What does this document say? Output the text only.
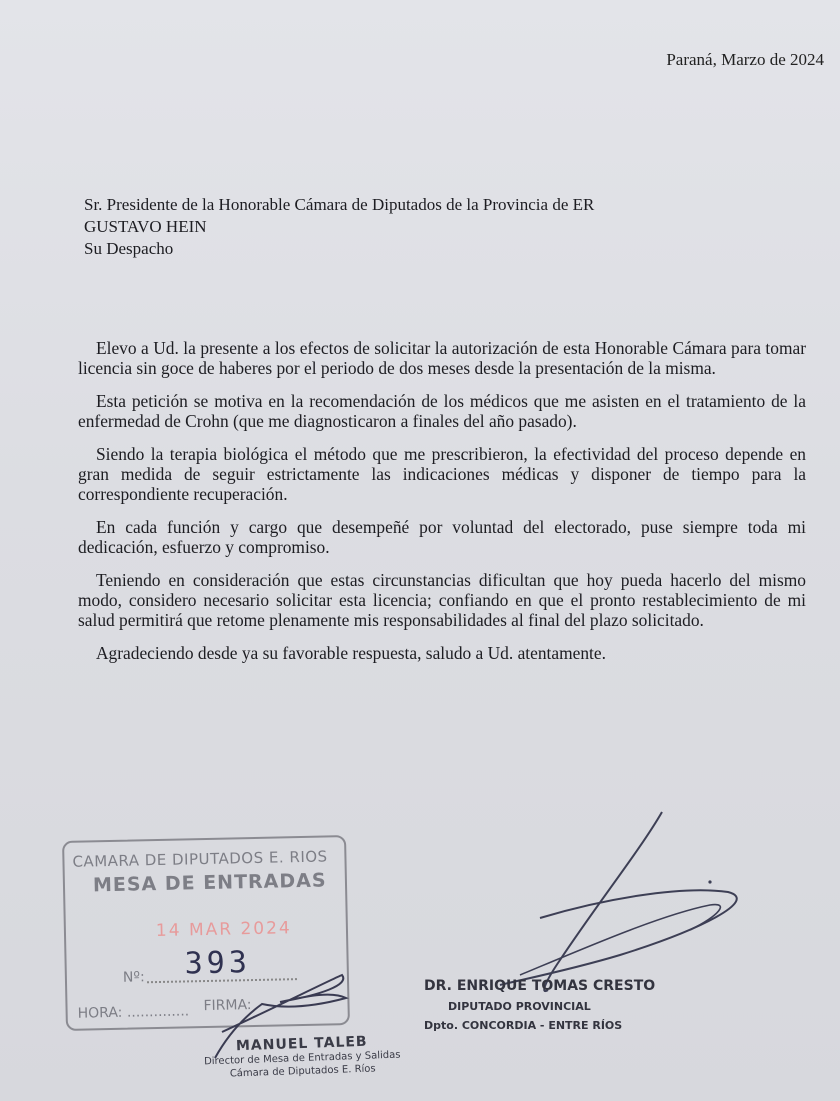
Paraná, Marzo de 2024
Sr. Presidente de la Honorable Cámara de Diputados de la Provincia de ER
GUSTAVO HEIN
Su Despacho

Elevo a Ud. la presente a los efectos de solicitar la autorización de esta Honorable Cámara para tomar licencia sin goce de haberes por el periodo de dos meses desde la presentación de la misma.

Esta petición se motiva en la recomendación de los médicos que me asisten en el tratamiento de la enfermedad de Crohn (que me diagnosticaron a finales del año pasado).

Siendo la terapia biológica el método que me prescribieron, la efectividad del proceso depende en gran medida de seguir estrictamente las indicaciones médicas y disponer de tiempo para la correspondiente recuperación.

En cada función y cargo que desempeñé por voluntad del electorado, puse siempre toda mi dedicación, esfuerzo y compromiso.

Teniendo en consideración que estas circunstancias dificultan que hoy pueda hacerlo del mismo modo, considero necesario solicitar esta licencia; confiando en que el pronto restablecimiento de mi salud permitirá que retome plenamente mis responsabilidades al final del plazo solicitado.

Agradeciendo desde ya su favorable respuesta, saludo a Ud. atentamente.

CAMARA DE DIPUTADOS E. RIOS
MESA DE ENTRADAS
14 MAR 2024
Nº: 393
HORA: .............. FIRMA:
MANUEL TALEB
Director de Mesa de Entradas y Salidas
Cámara de Diputados E. Ríos
DR. ENRIQUE TOMAS CRESTO
DIPUTADO PROVINCIAL
Dpto. CONCORDIA - ENTRE RÍOS
